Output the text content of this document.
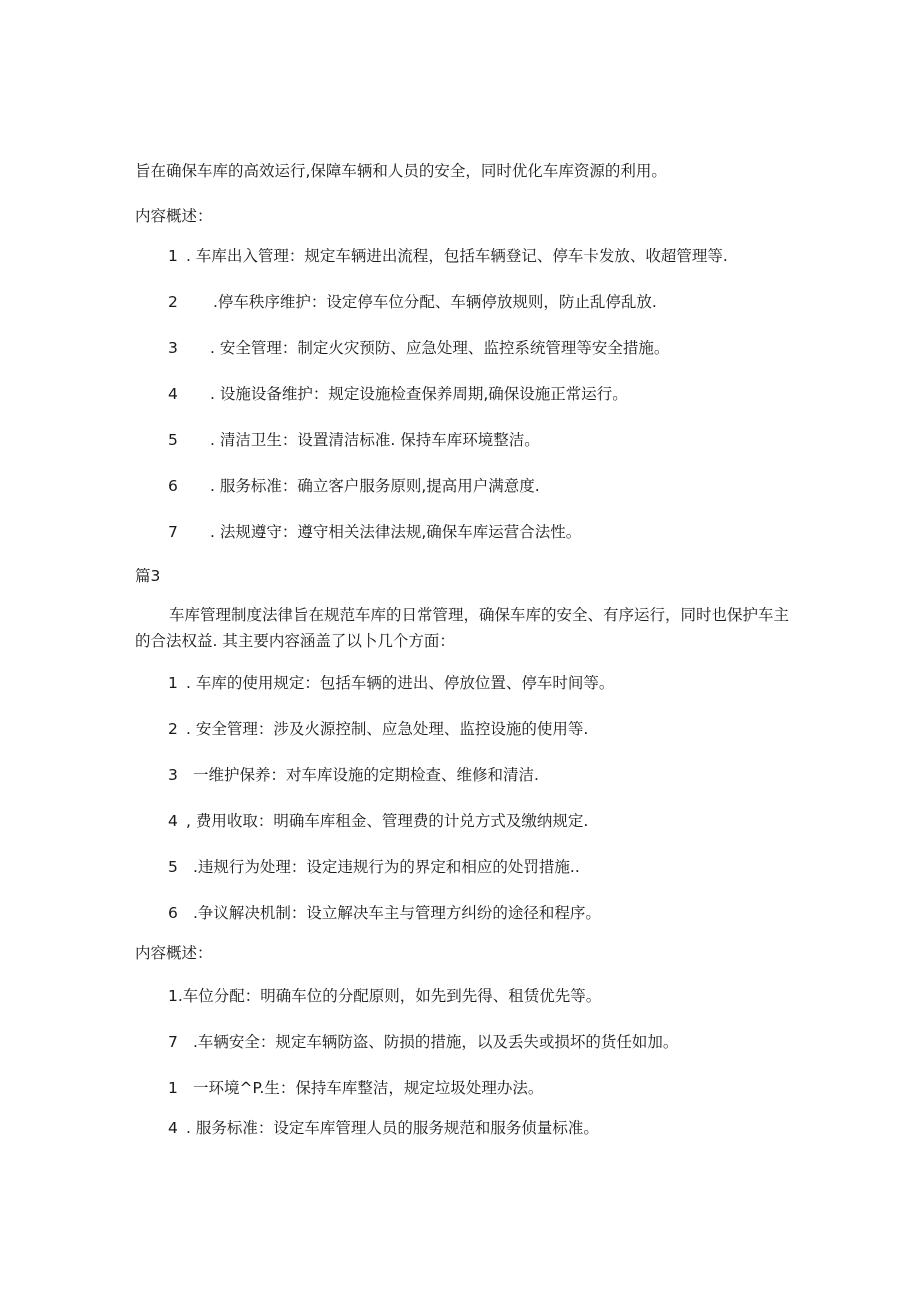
旨在确保车库的高效运行,保障车辆和人员的安全，同时优化车库资源的利用。
内容概述：
1 . 车库出入管理：规定车辆进出流程，包括车辆登记、停车卡发放、收超管理等.
2 .停车秩序维护：设定停车位分配、车辆停放规则，防止乱停乱放.
3 . 安全管理：制定火灾预防、应急处理、监控系统管理等安全措施。
4 . 设施设备维护：规定设施检查保养周期,确保设施正常运行。
5 . 清洁卫生：设置清洁标准. 保持车库环境整洁。
6 . 服务标准：确立客户服务原则,提高用户满意度.
7 . 法规遵守：遵守相关法律法规,确保车库运营合法性。
篇3
车库管理制度法律旨在规范车库的日常管理，确保车库的安全、有序运行，同时也保护车主的合法权益. 其主要内容涵盖了以卜几个方面：
1 . 车库的使用规定：包括车辆的进出、停放位置、停车时间等。
2 . 安全管理：涉及火源控制、应急处理、监控设施的使用等.
3 一维护保养：对车库设施的定期检查、维修和清洁.
4 , 费用收取：明确车库租金、管理费的计兑方式及缴纳规定.
5 .违规行为处理：设定违规行为的界定和相应的处罚措施..
6 .争议解决机制：设立解决车主与管理方纠纷的途径和程序。
内容概述：
1.车位分配：明确车位的分配原则，如先到先得、租赁优先等。
7 .车辆安全：规定车辆防盗、防损的措施，以及丢失或损坏的货任如加。
1 一环境^P.生：保持车库整洁，规定垃圾处理办法。
4 . 服务标准：设定车库管理人员的服务规范和服务侦量标准。
